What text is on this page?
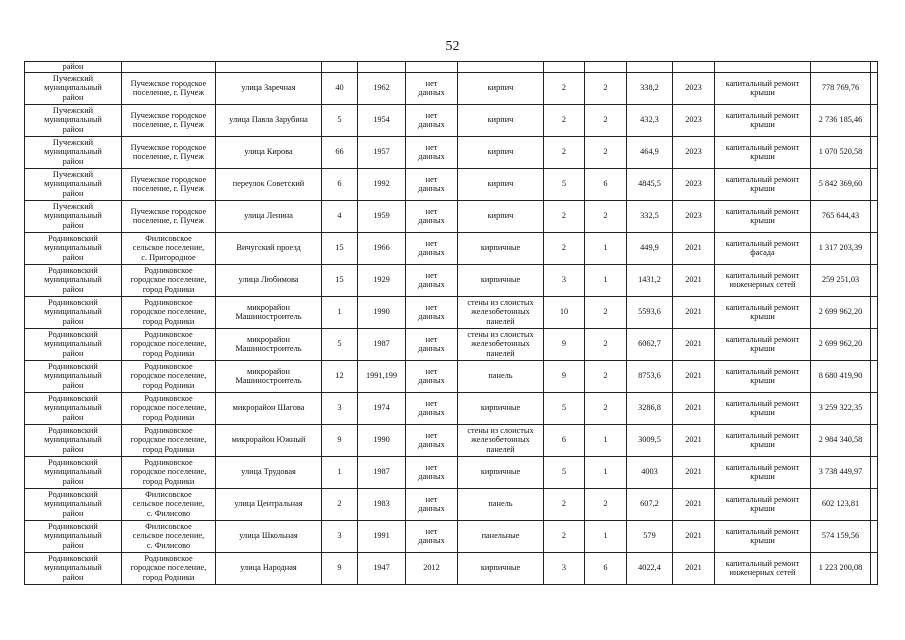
52
район													

Пучежский
муниципальный
район	Пучежское городское
поселение, г. Пучеж	улица Заречная	40	1962	нет
данных	кирпич	2	2	338,2	2023	капитальный ремонт
крыши	778 769,76	

Пучежский
муниципальный
район	Пучежское городское
поселение, г. Пучеж	улица Павла Зарубина	5	1954	нет
данных	кирпич	2	2	432,3	2023	капитальный ремонт
крыши	2 736 185,46	

Пучежский
муниципальный
район	Пучежское городское
поселение, г. Пучеж	улица Кирова	66	1957	нет
данных	кирпич	2	2	464,9	2023	капитальный ремонт
крыши	1 070 520,58	

Пучежский
муниципальный
район	Пучежское городское
поселение, г. Пучеж	переулок Советский	6	1992	нет
данных	кирпич	5	6	4845,5	2023	капитальный ремонт
крыши	5 842 369,60	

Пучежский
муниципальный
район	Пучежское городское
поселение, г. Пучеж	улица Ленина	4	1959	нет
данных	кирпич	2	2	332,5	2023	капитальный ремонт
крыши	765 644,43	

Родниковский
муниципальный
район	Филисовское
сельское поселение,
с. Пригородное	Вичугский проезд	15	1966	нет
данных	кирпичные	2	1	449,9	2021	капитальный ремонт
фасада	1 317 203,39	

Родниковский
муниципальный
район	Родниковское
городское поселение,
город Родники	улица Любимова	15	1929	нет
данных	кирпичные	3	1	1431,2	2021	капитальный ремонт
инженерных сетей	259 251,03	

Родниковский
муниципальный
район	Родниковское
городское поселение,
город Родники	микрорайон
Машиностроитель	1	1990	нет
данных	стены из слоистых
железобетонных
панелей	10	2	5593,6	2021	капитальный ремонт
крыши	2 699 962,20	

Родниковский
муниципальный
район	Родниковское
городское поселение,
город Родники	микрорайон
Машиностроитель	5	1987	нет
данных	стены из слоистых
железобетонных
панелей	9	2	6062,7	2021	капитальный ремонт
крыши	2 699 962,20	

Родниковский
муниципальный
район	Родниковское
городское поселение,
город Родники	микрорайон
Машиностроитель	12	1991,199	нет
данных	панель	9	2	8753,6	2021	капитальный ремонт
крыши	8 680 419,90	

Родниковский
муниципальный
район	Родниковское
городское поселение,
город Родники	микрорайон Шагова	3	1974	нет
данных	кирпичные	5	2	3286,8	2021	капитальный ремонт
крыши	3 259 322,35	

Родниковский
муниципальный
район	Родниковское
городское поселение,
город Родники	микрорайон Южный	9	1990	нет
данных	стены из слоистых
железобетонных
панелей	6	1	3009,5	2021	капитальный ремонт
крыши	2 984 340,58	

Родниковский
муниципальный
район	Родниковское
городское поселение,
город Родники	улица Трудовая	1	1987	нет
данных	кирпичные	5	1	4003	2021	капитальный ремонт
крыши	3 738 449,97	

Родниковский
муниципальный
район	Филисовское
сельское поселение,
с. Филисово	улица Центральная	2	1983	нет
данных	панель	2	2	607,2	2021	капитальный ремонт
крыши	602 123,81	

Родниковский
муниципальный
район	Филисовское
сельское поселение,
с. Филисово	улица Школьная	3	1991	нет
данных	панельные	2	1	579	2021	капитальный ремонт
крыши	574 159,56	

Родниковский
муниципальный
район	Родниковское
городское поселение,
город Родники	улица Народная	9	1947	2012	кирпичные	3	6	4022,4	2021	капитальный ремонт
инженерных сетей	1 223 200,08	
